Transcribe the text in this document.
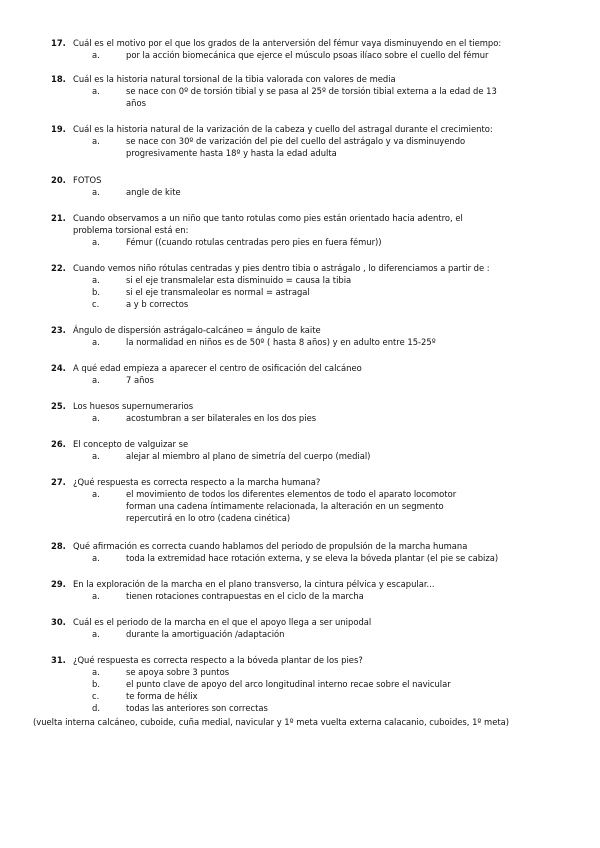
17. Cuál es el motivo por el que los grados de la anterversión del fémur vaya disminuyendo en el tiempo:
a.	por la acción biomecánica que ejerce el músculo psoas ilíaco sobre el cuello del fémur
18. Cuál es la historia natural torsional de la tibia valorada con valores de media
a.	se nace con 0º de torsión tibial y se pasa al 25º de torsión tibial externa a la edad de 13
años
19. Cuál es la historia natural de la varización de la cabeza y cuello del astragal durante el crecimiento:
a.	se nace con 30º de varización del pie del cuello del astrágalo y va disminuyendo
progresivamente hasta 18º y hasta la edad adulta
20. FOTOS
a.	angle de kite
21. Cuando observamos a un niño que tanto rotulas como pies están orientado hacia adentro, el
problema torsional está en:
a.	Fémur ((cuando rotulas centradas pero pies en fuera fémur))
22. Cuando vemos niño rótulas centradas y pies dentro tibia o astrágalo , lo diferenciamos a partir de :
a.	si el eje transmalelar esta disminuido = causa la tibia
b.	si el eje transmaleolar es normal = astragal
c.	a y b correctos
23. Ángulo de dispersión astrágalo-calcáneo = ángulo de kaite
a.	la normalidad en niños es de 50º ( hasta 8 años) y en adulto entre 15-25º
24. A qué edad empieza a aparecer el centro de osificación del calcáneo
a.	7 años
25. Los huesos supernumerarios
a.	acostumbran a ser bilaterales en los dos pies
26. El concepto de valguizar se
a.	alejar al miembro al plano de simetría del cuerpo (medial)
27. ¿Qué respuesta es correcta respecto a la marcha humana?
a.	el movimiento de todos los diferentes elementos de todo el aparato locomotor
forman una cadena íntimamente relacionada, la alteración en un segmento
repercutirá en lo otro (cadena cinética)
28. Qué afirmación es correcta cuando hablamos del periodo de propulsión de la marcha humana
a.	toda la extremidad hace rotación externa, y se eleva la bóveda plantar (el pie se cabiza)
29. En la exploración de la marcha en el plano transverso, la cintura pélvica y escapular...
a.	tienen rotaciones contrapuestas en el ciclo de la marcha
30. Cuál es el periodo de la marcha en el que el apoyo llega a ser unipodal
a.	durante la amortiguación /adaptación
31. ¿Qué respuesta es correcta respecto a la bóveda plantar de los pies?
a.	se apoya sobre 3 puntos
b.	el punto clave de apoyo del arco longitudinal interno recae sobre el navicular
c.	te forma de hélix
d.	todas las anteriores son correctas
(vuelta interna calcáneo, cuboide, cuña medial, navicular y 1º meta vuelta externa calacanio, cuboides, 1º meta)
